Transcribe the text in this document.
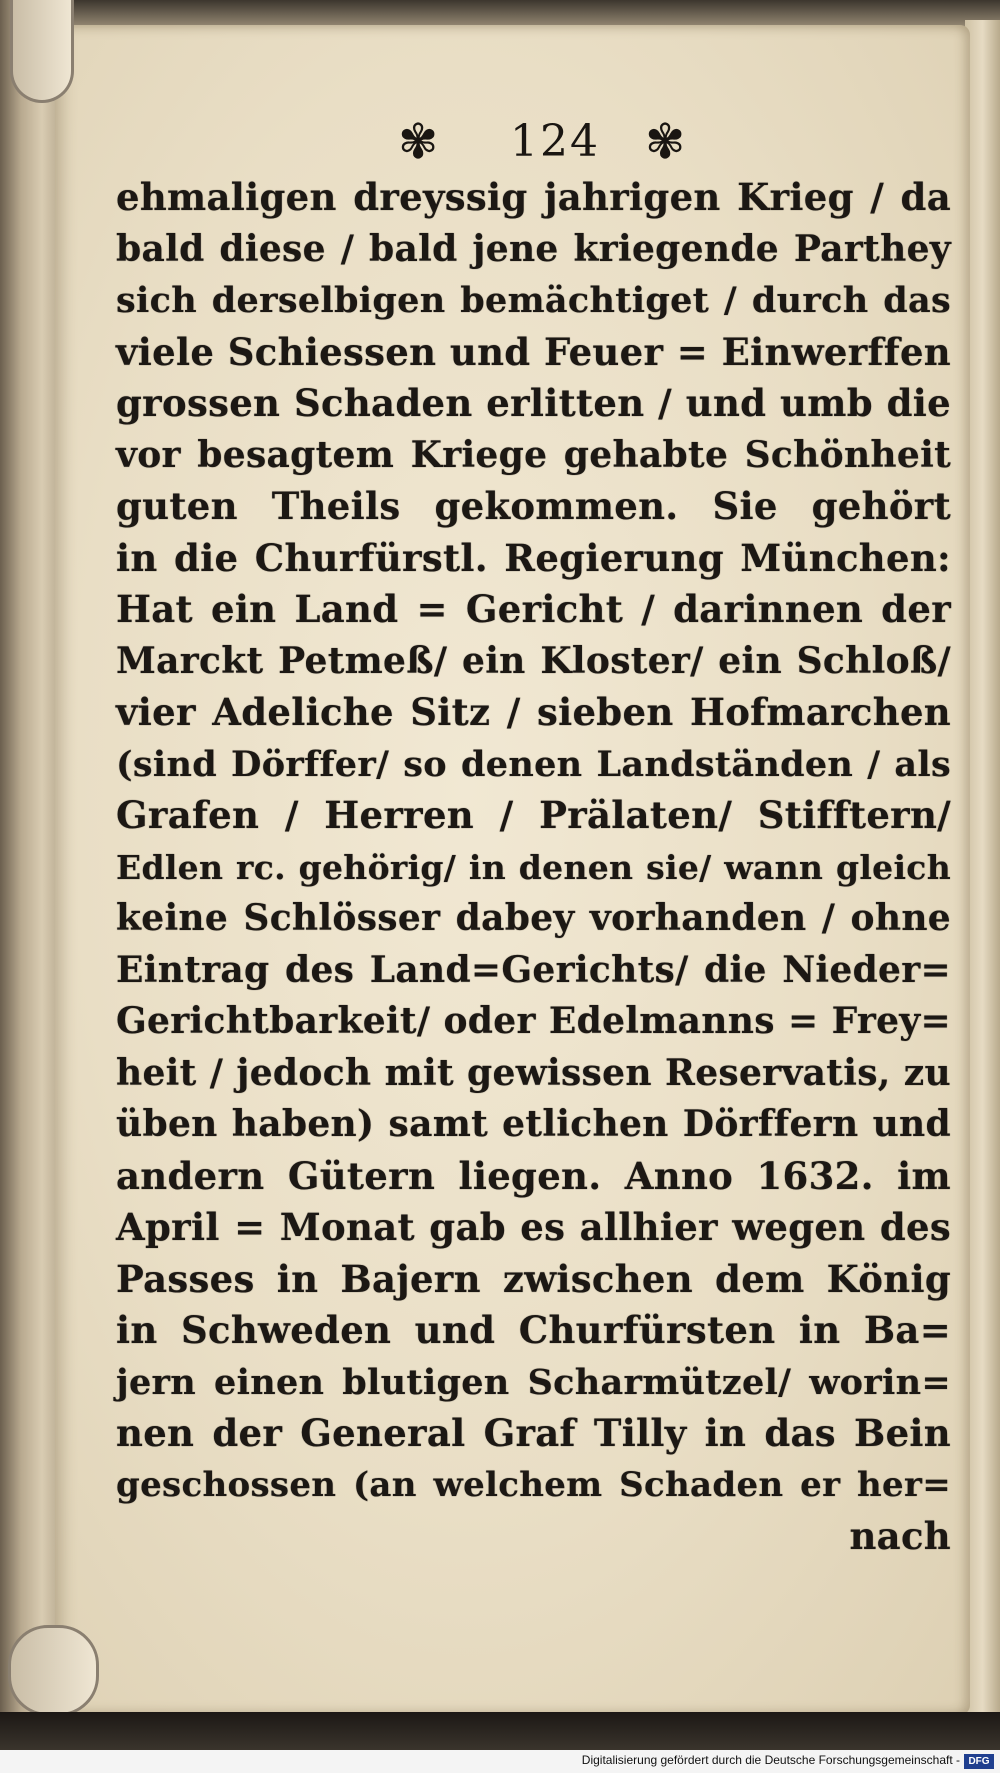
✾ 124 ✾
ehmaligen dreyssig jahrigen Krieg / da
bald diese / bald jene kriegende Parthey
sich derselbigen bemächtiget / durch das
viele Schiessen und Feuer = Einwerffen
grossen Schaden erlitten / und umb die
vor besagtem Kriege gehabte Schönheit
guten Theils gekommen. Sie gehört
in die Churfürstl. Regierung München:
Hat ein Land = Gericht / darinnen der
Marckt Petmeß/ ein Kloster/ ein Schloß/
vier Adeliche Sitz / sieben Hofmarchen
(sind Dörffer/ so denen Landständen / als
Grafen / Herren / Prälaten/ Stifftern/
Edlen rc. gehörig/ in denen sie/ wann gleich
keine Schlösser dabey vorhanden / ohne
Eintrag des Land=Gerichts/ die Nieder=
Gerichtbarkeit/ oder Edelmanns = Frey=
heit / jedoch mit gewissen Reservatis, zu
üben haben) samt etlichen Dörffern und
andern Gütern liegen. Anno 1632. im
April = Monat gab es allhier wegen des
Passes in Bajern zwischen dem König
in Schweden und Churfürsten in Ba=
jern einen blutigen Scharmützel/ worin=
nen der General Graf Tilly in das Bein
geschossen (an welchem Schaden er her=
nach
Digitalisierung gefördert durch die Deutsche Forschungsgemeinschaft - DFG
